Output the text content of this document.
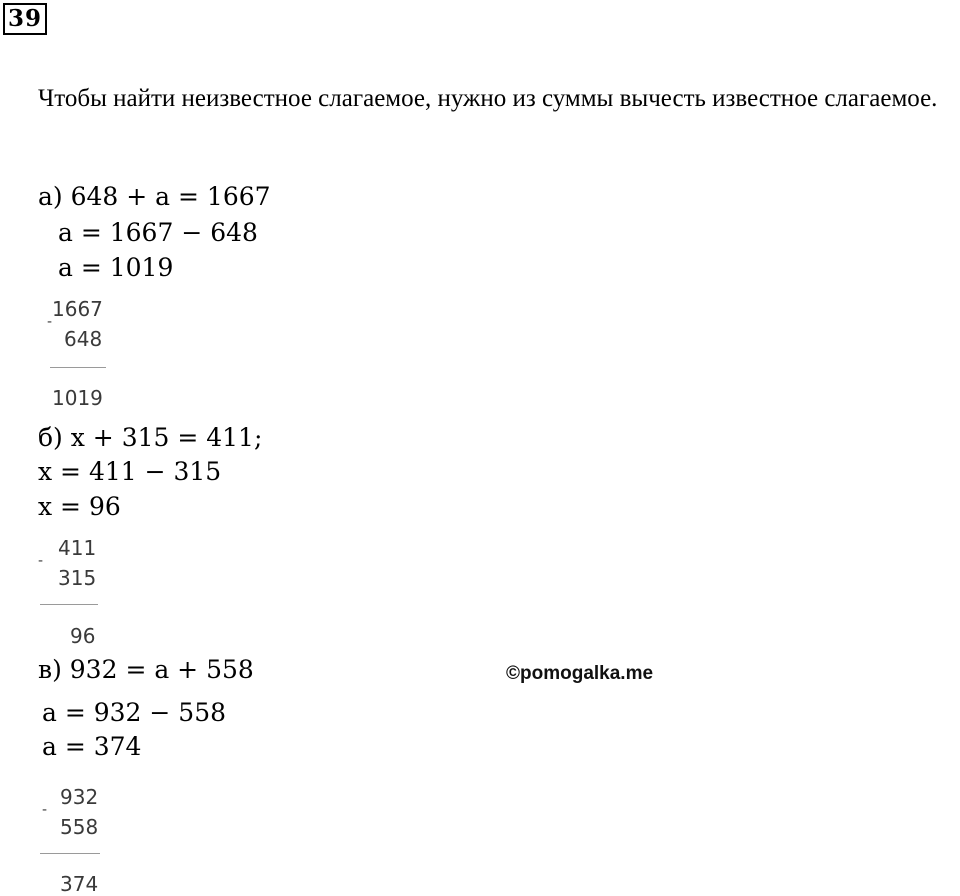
39
Чтобы найти неизвестное слагаемое, нужно из суммы вычесть известное слагаемое.
а) 648 + a = 1667
a = 1667 − 648
a = 1019
1667
-
648
1019
б) x + 315 = 411;
x = 411 − 315
x = 96
411
-
315
96
в) 932 = a + 558
a = 932 − 558
a = 374
932
-
558
374
©pomogalka.me
